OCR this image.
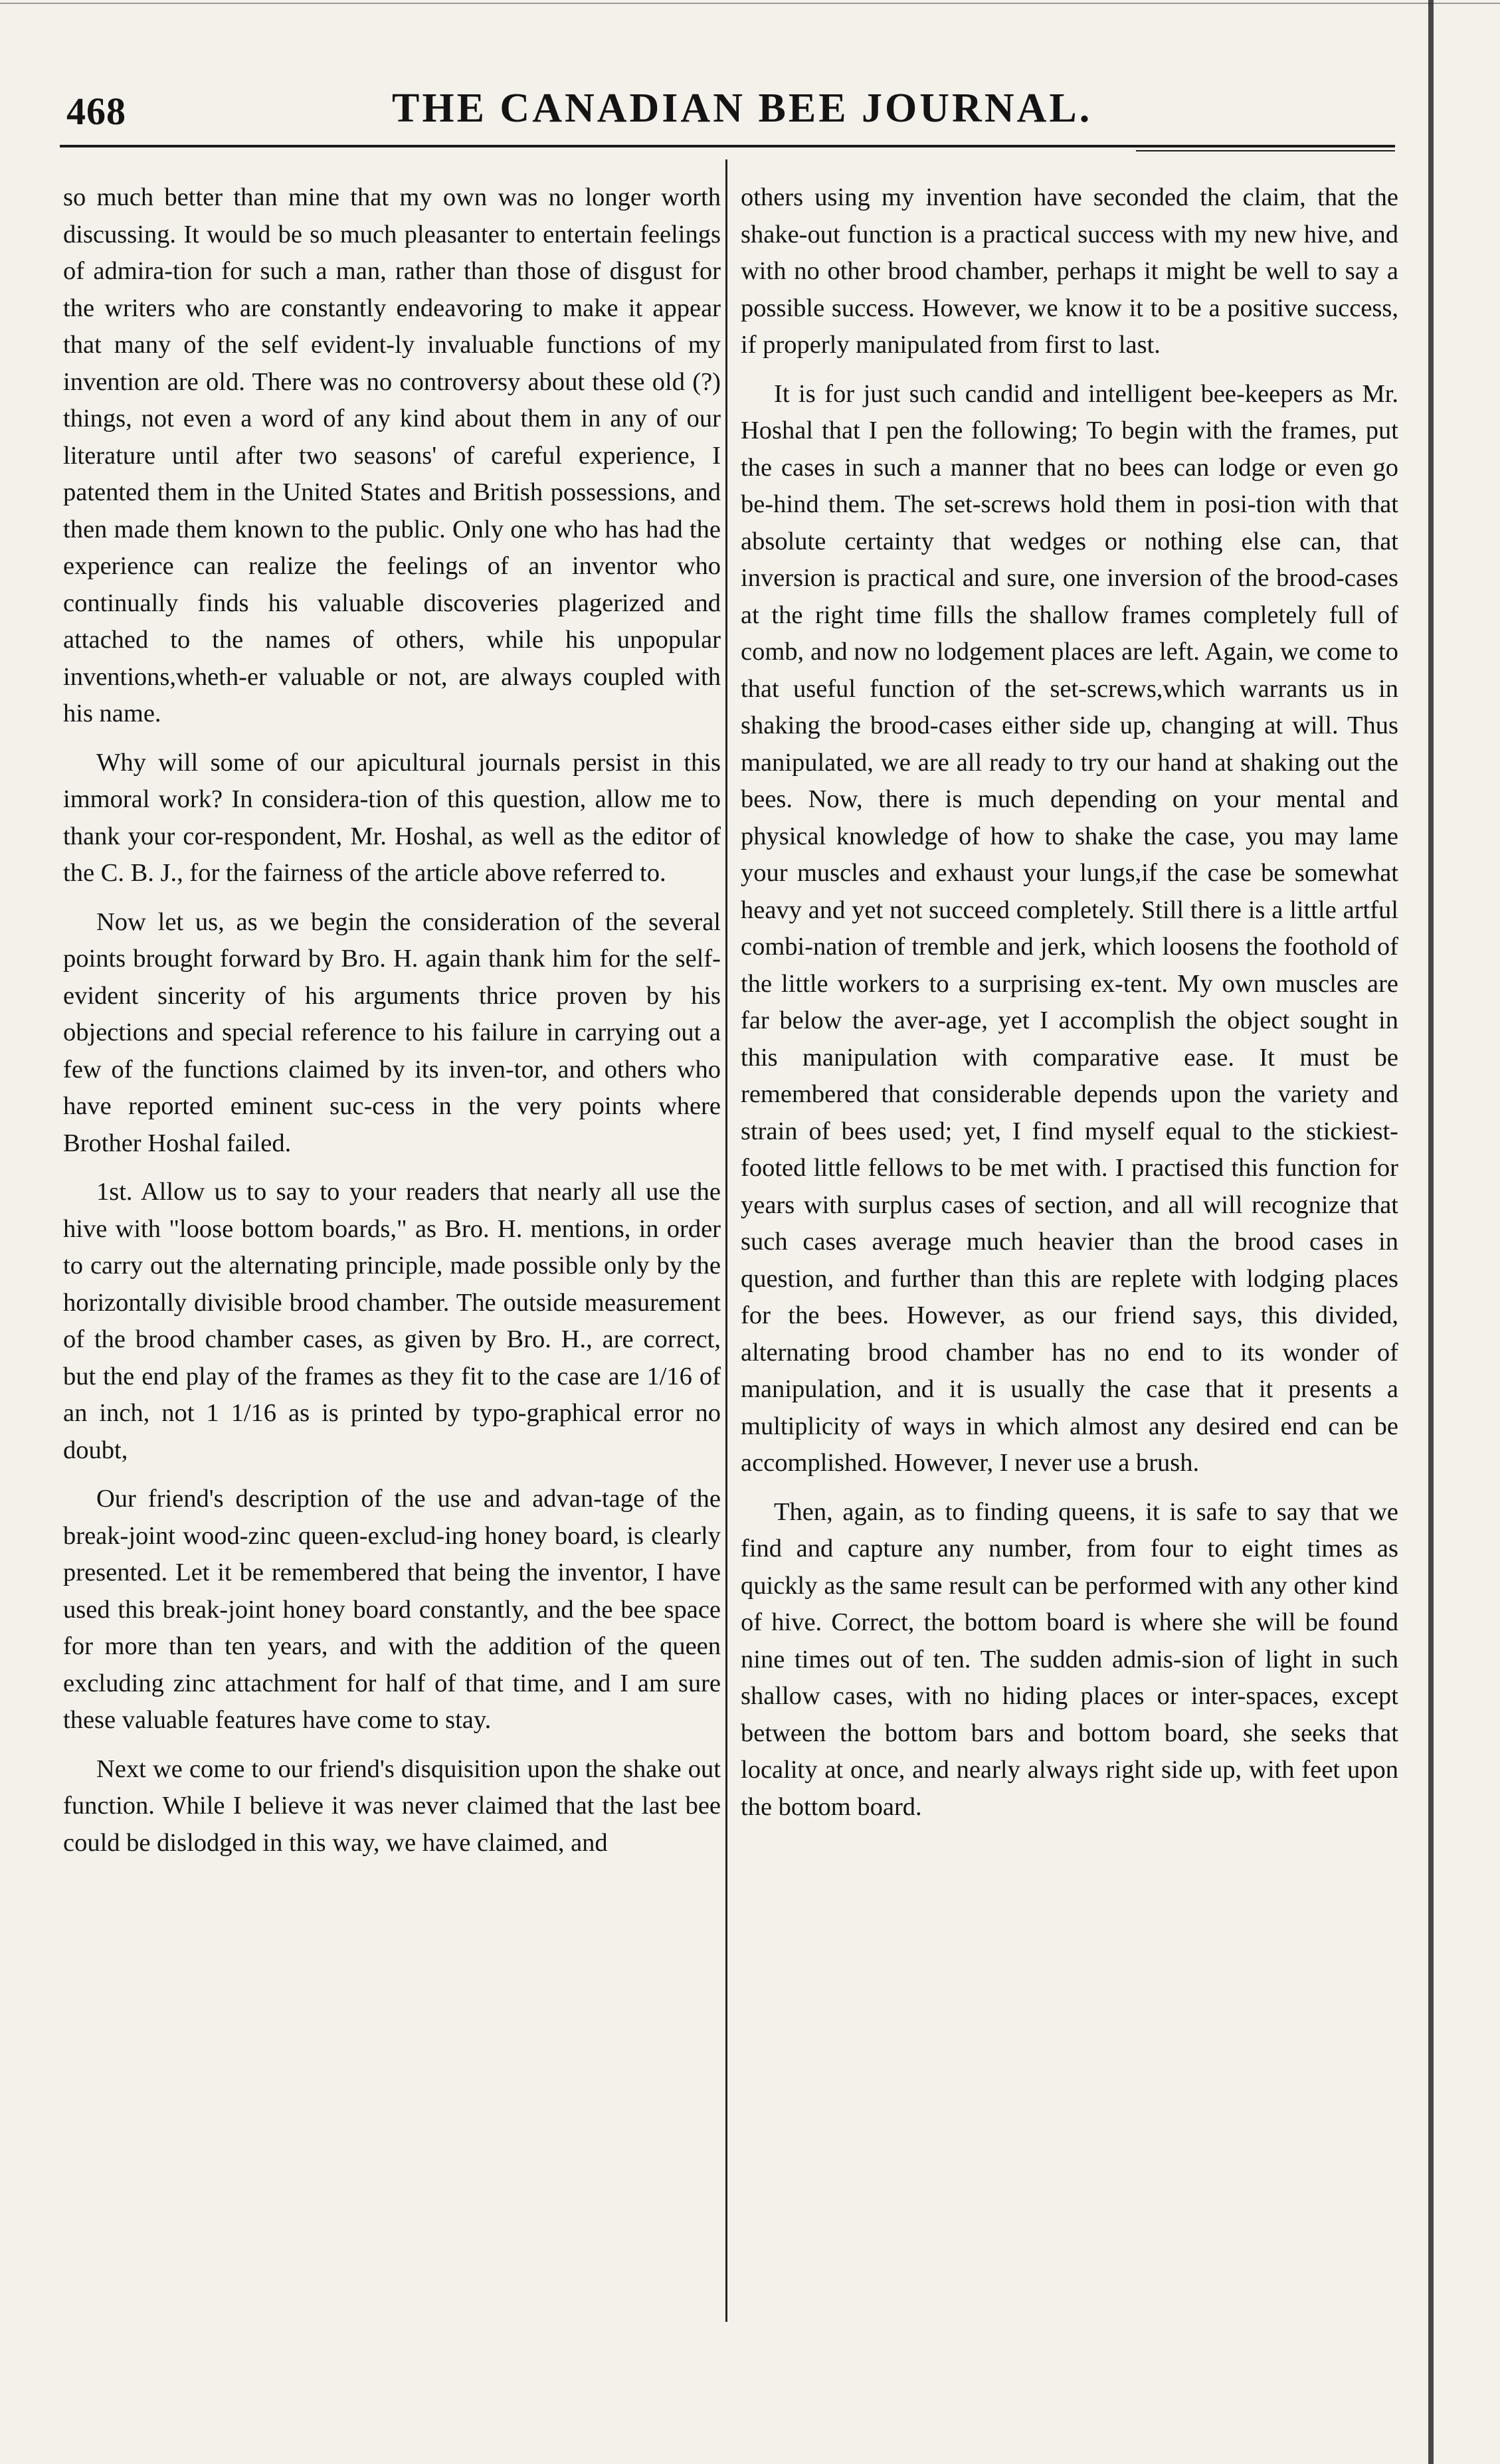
468	THE CANADIAN BEE JOURNAL.

so much better than mine that my own was no longer worth discussing. It would be so much pleasanter to entertain feelings of admira-tion for such a man, rather than those of disgust for the writers who are constantly endeavoring to make it appear that many of the self evident-ly invaluable functions of my invention are old. There was no controversy about these old (?) things, not even a word of any kind about them in any of our literature until after two seasons' of careful experience, I patented them in the United States and British possessions, and then made them known to the public. Only one who has had the experience can realize the feelings of an inventor who continually finds his valuable discoveries plagerized and attached to the names of others, while his unpopular inventions,wheth-er valuable or not, are always coupled with his name.

Why will some of our apicultural journals persist in this immoral work? In considera-tion of this question, allow me to thank your cor-respondent, Mr. Hoshal, as well as the editor of the C. B. J., for the fairness of the article above referred to.

Now let us, as we begin the consideration of the several points brought forward by Bro. H. again thank him for the self-evident sincerity of his arguments thrice proven by his objections and special reference to his failure in carrying out a few of the functions claimed by its inven-tor, and others who have reported eminent suc-cess in the very points where Brother Hoshal failed.

1st. Allow us to say to your readers that nearly all use the hive with "loose bottom boards," as Bro. H. mentions, in order to carry out the alternating principle, made possible only by the horizontally divisible brood chamber. The outside measurement of the brood chamber cases, as given by Bro. H., are correct, but the end play of the frames as they fit to the case are 1/16 of an inch, not 1 1/16 as is printed by typo-graphical error no doubt,

Our friend's description of the use and advan-tage of the break-joint wood-zinc queen-exclud-ing honey board, is clearly presented. Let it be remembered that being the inventor, I have used this break-joint honey board constantly, and the bee space for more than ten years, and with the addition of the queen excluding zinc attachment for half of that time, and I am sure these valuable features have come to stay.

Next we come to our friend's disquisition upon the shake out function. While I believe it was never claimed that the last bee could be dislodged in this way, we have claimed, and

others using my invention have seconded the claim, that the shake-out function is a practical success with my new hive, and with no other brood chamber, perhaps it might be well to say a possible success. However, we know it to be a positive success, if properly manipulated from first to last.

It is for just such candid and intelligent bee-keepers as Mr. Hoshal that I pen the following; To begin with the frames, put the cases in such a manner that no bees can lodge or even go be-hind them. The set-screws hold them in posi-tion with that absolute certainty that wedges or nothing else can, that inversion is practical and sure, one inversion of the brood-cases at the right time fills the shallow frames completely full of comb, and now no lodgement places are left. Again, we come to that useful function of the set-screws,which warrants us in shaking the brood-cases either side up, changing at will. Thus manipulated, we are all ready to try our hand at shaking out the bees. Now, there is much depending on your mental and physical knowledge of how to shake the case, you may lame your muscles and exhaust your lungs,if the case be somewhat heavy and yet not succeed completely. Still there is a little artful combi-nation of tremble and jerk, which loosens the foothold of the little workers to a surprising ex-tent. My own muscles are far below the aver-age, yet I accomplish the object sought in this manipulation with comparative ease. It must be remembered that considerable depends upon the variety and strain of bees used; yet, I find myself equal to the stickiest-footed little fellows to be met with. I practised this function for years with surplus cases of section, and all will recognize that such cases average much heavier than the brood cases in question, and further than this are replete with lodging places for the bees. However, as our friend says, this divided, alternating brood chamber has no end to its wonder of manipulation, and it is usually the case that it presents a multiplicity of ways in which almost any desired end can be accomplished. However, I never use a brush.

Then, again, as to finding queens, it is safe to say that we find and capture any number, from four to eight times as quickly as the same result can be performed with any other kind of hive. Correct, the bottom board is where she will be found nine times out of ten. The sudden admis-sion of light in such shallow cases, with no hiding places or inter-spaces, except between the bottom bars and bottom board, she seeks that locality at once, and nearly always right side up, with feet upon the bottom board.
